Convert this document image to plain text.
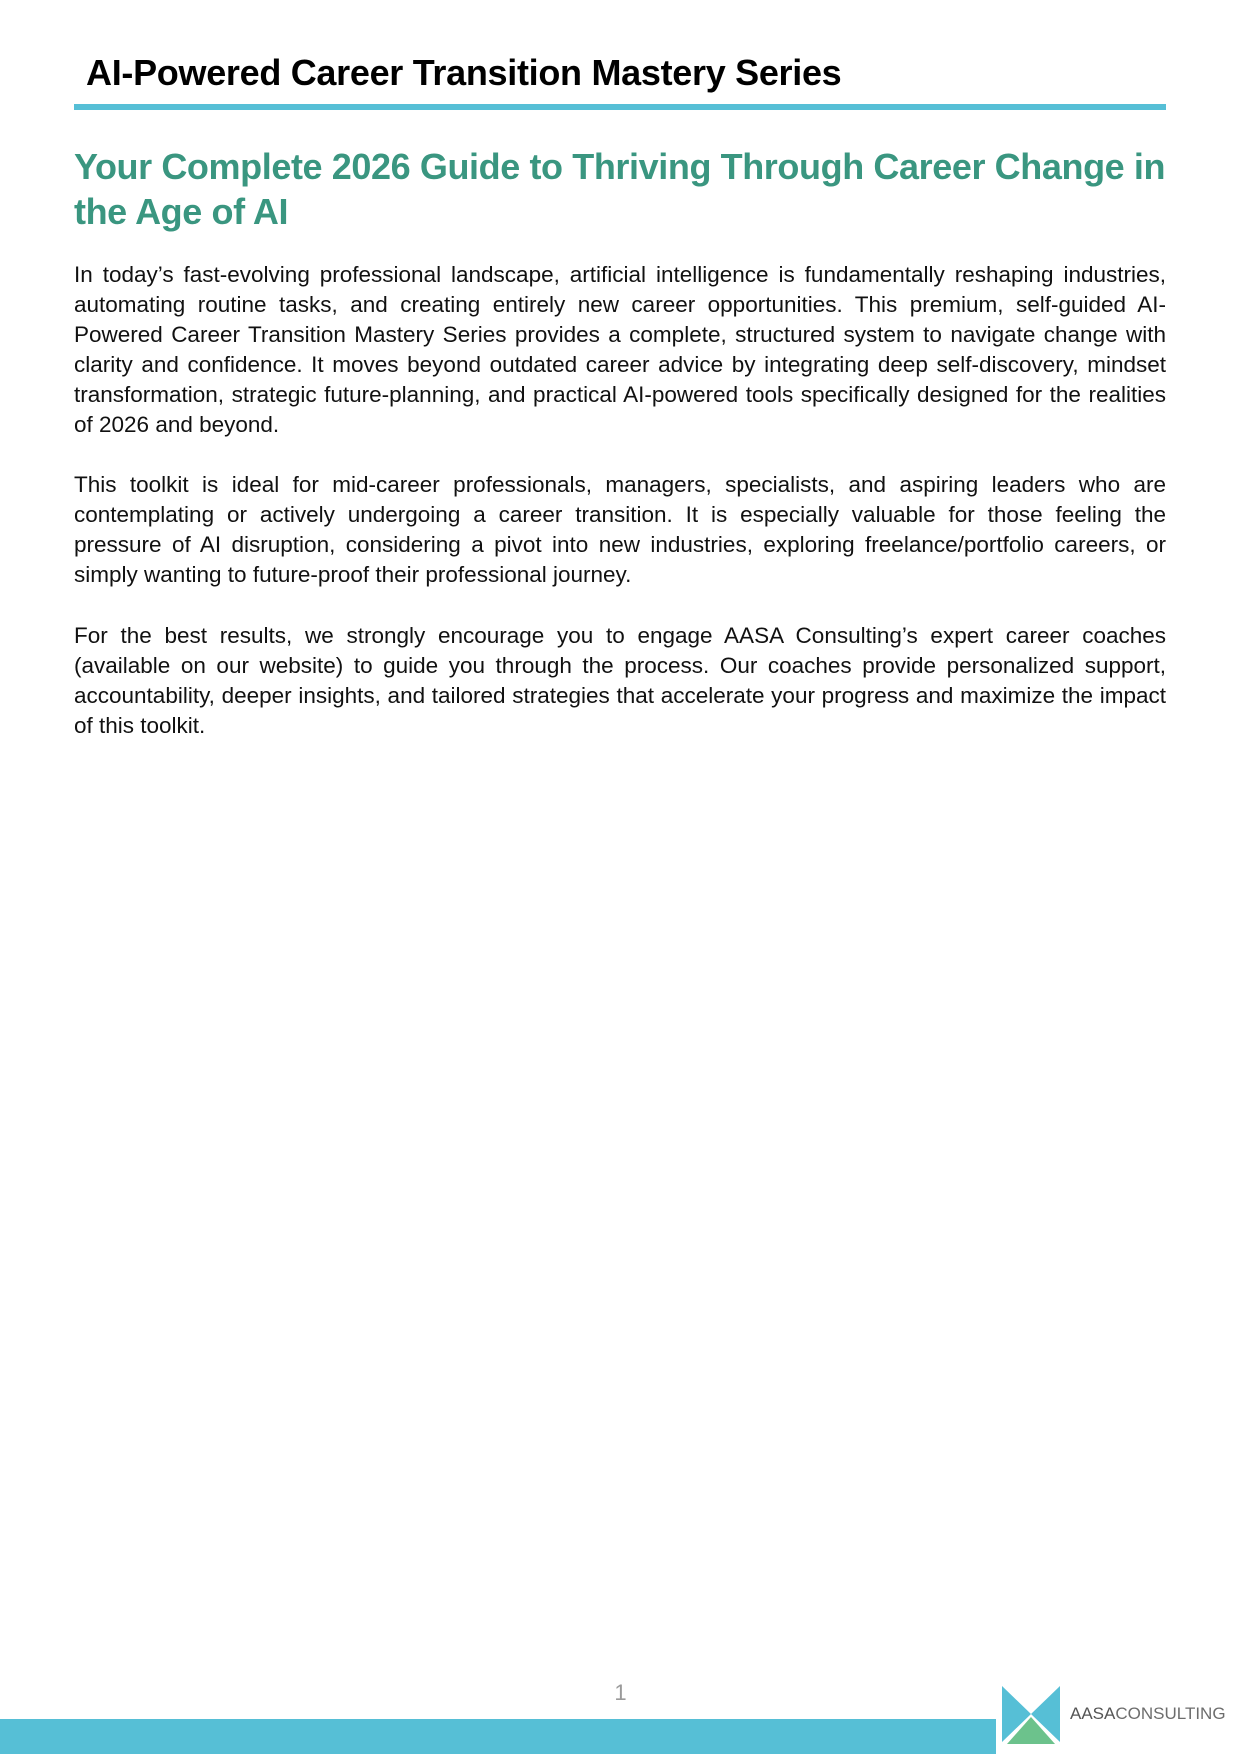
AI-Powered Career Transition Mastery Series
Your Complete 2026 Guide to Thriving Through Career Change in the Age of AI

In today’s fast-evolving professional landscape, artificial intelligence is fundamentally reshaping industries, automating routine tasks, and creating entirely new career opportunities. This premium, self-guided AI-Powered Career Transition Mastery Series provides a complete, structured system to navigate change with clarity and confidence. It moves beyond outdated career advice by integrating deep self-discovery, mindset transformation, strategic future-planning, and practical AI-powered tools specifically designed for the realities of 2026 and beyond.

This toolkit is ideal for mid-career professionals, managers, specialists, and aspiring leaders who are contemplating or actively undergoing a career transition. It is especially valuable for those feeling the pressure of AI disruption, considering a pivot into new industries, exploring freelance/portfolio careers, or simply wanting to future-proof their professional journey.

For the best results, we strongly encourage you to engage AASA Consulting’s expert career coaches (available on our website) to guide you through the process. Our coaches provide personalized support, accountability, deeper insights, and tailored strategies that accelerate your progress and maximize the impact of this toolkit.

1
AASACONSULTING
